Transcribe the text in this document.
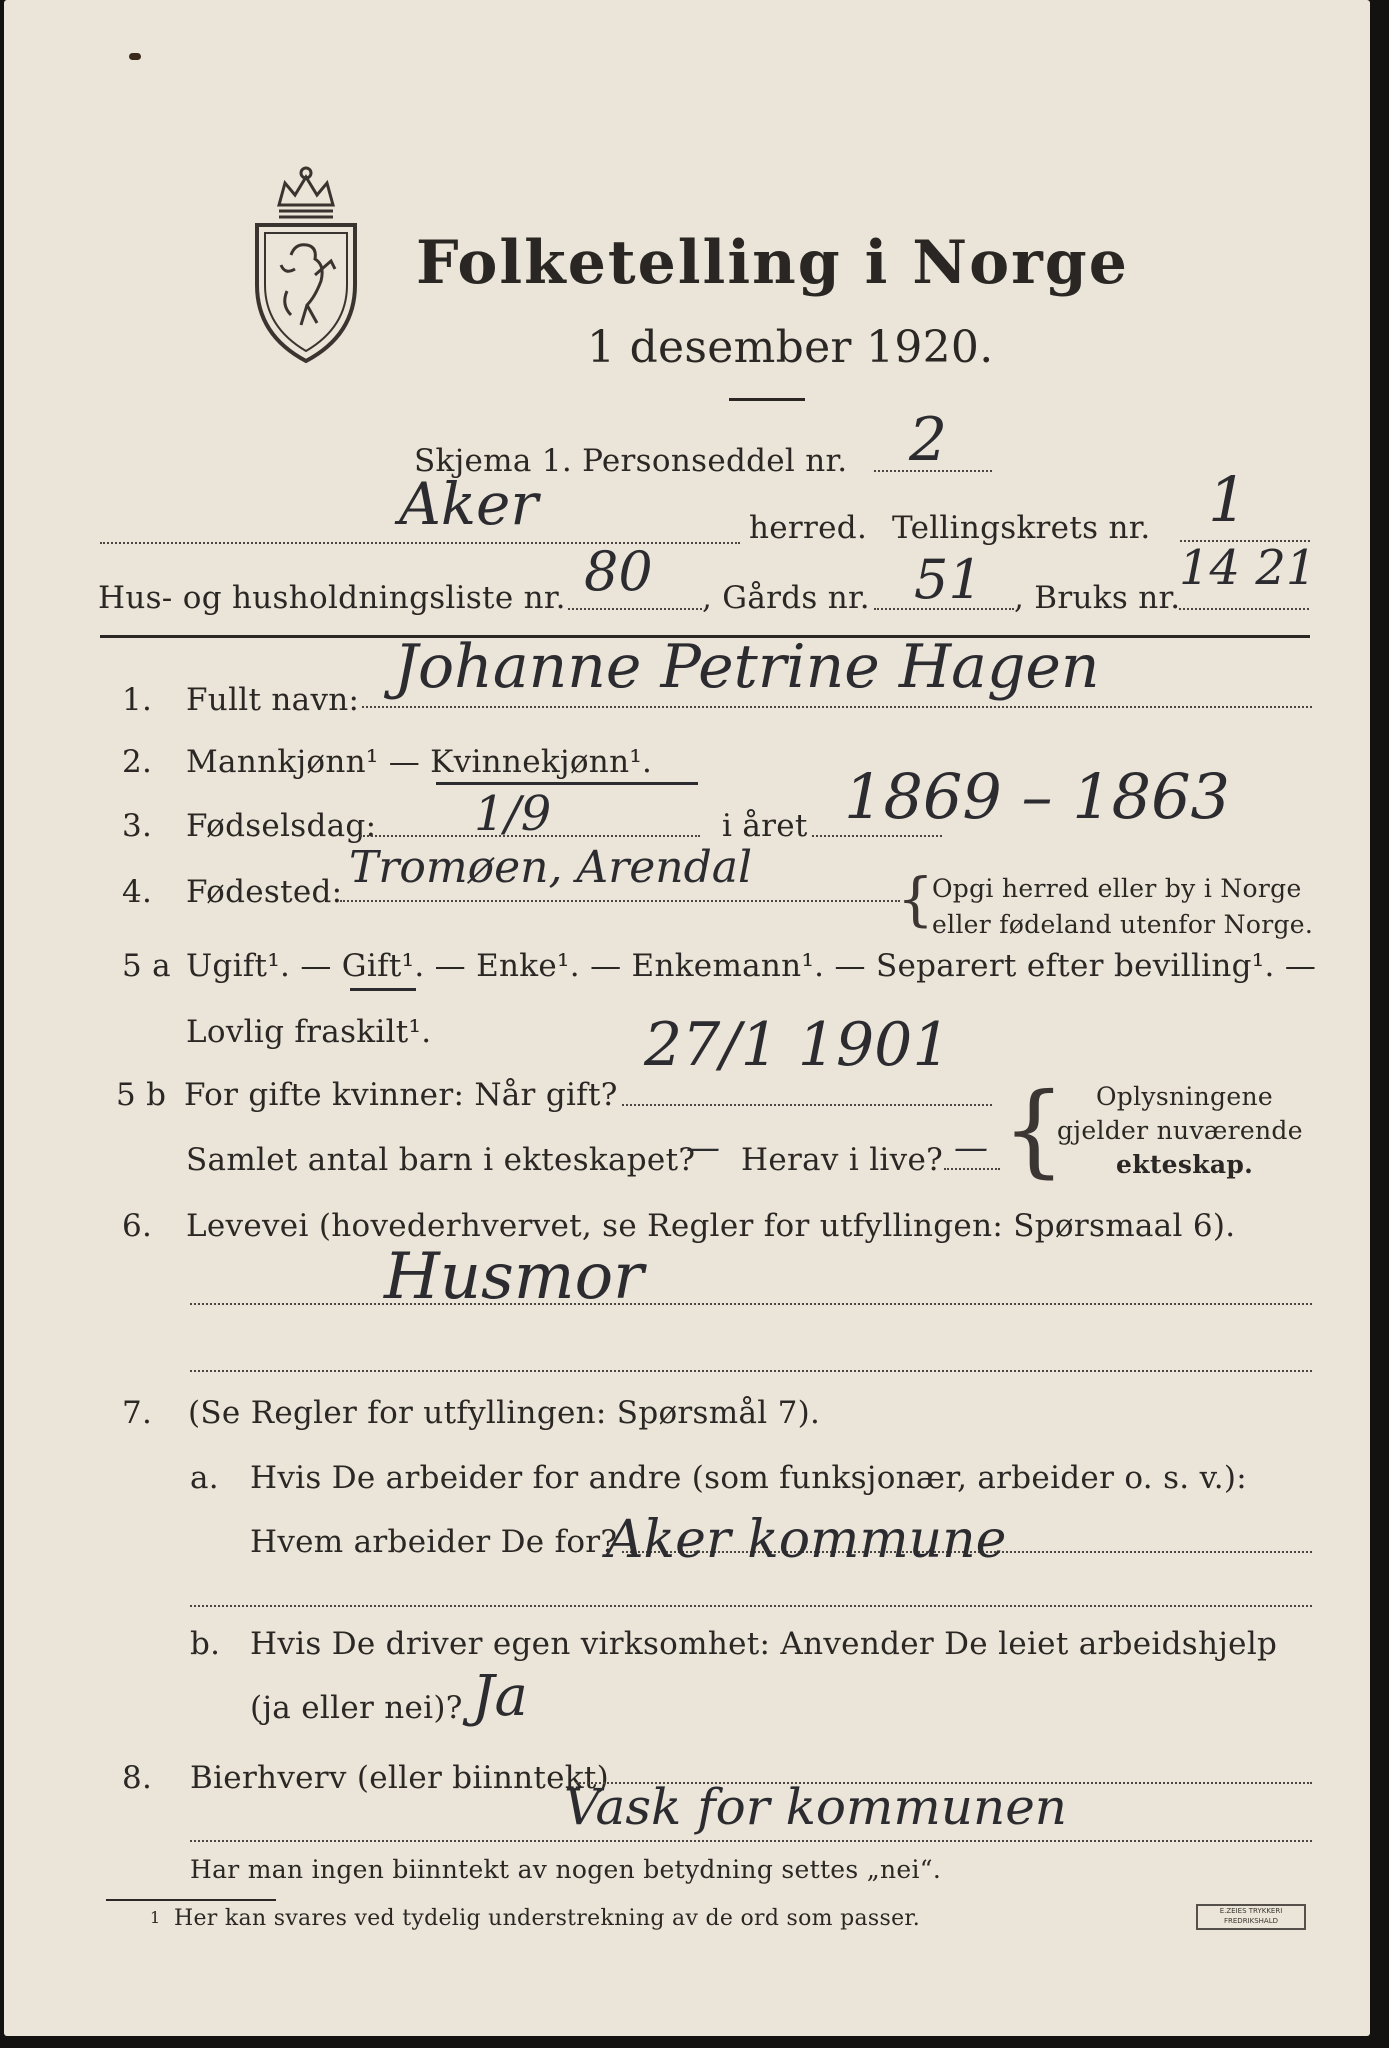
Folketelling i Norge
1 desember 1920.
Skjema 1. Personseddel nr. 2
Aker	herred. Tellingskrets nr. 1
Hus- og husholdningsliste nr. 80 , Gårds nr. 51 , Bruks nr.
14 21
1. Fullt navn: Johanne Petrine Hagen
2. Mannkjønn¹ — Kvinnekjønn¹.
3. Fødselsdag: 1/9	i året 1869 – 1863
4. Fødested: Tromøen, Arendal {
Opgi herred eller by i Norge
eller fødeland utenfor Norge.
5 a Ugift¹. — Gift¹. — Enke¹. — Enkemann¹. — Separert efter bevilling¹. —
Lovlig fraskilt¹.
5 b For gifte kvinner: Når gift?
27/1 1901
Samlet antal barn i ekteskapet?
— Herav i live? — { Oplysningene
gjelder nuværende
ekteskap.
6. Levevei (hovederhvervet, se Regler for utfyllingen: Spørsmaal 6).
Husmor
7. (Se Regler for utfyllingen: Spørsmål 7).
a. Hvis De arbeider for andre (som funksjonær, arbeider o. s. v.):
Hvem arbeider De for?
Aker kommune
b. Hvis De driver egen virksomhet: Anvender De leiet arbeidshjelp
(ja eller nei)? Ja
8. Bierhverv (eller biinntekt)
Vask for kommunen
Har man ingen biinntekt av nogen betydning settes „nei“.
1 Her kan svares ved tydelig understrekning av de ord som passer.	E.ZEIES TRYKKERI
FREDRIKSHALD
